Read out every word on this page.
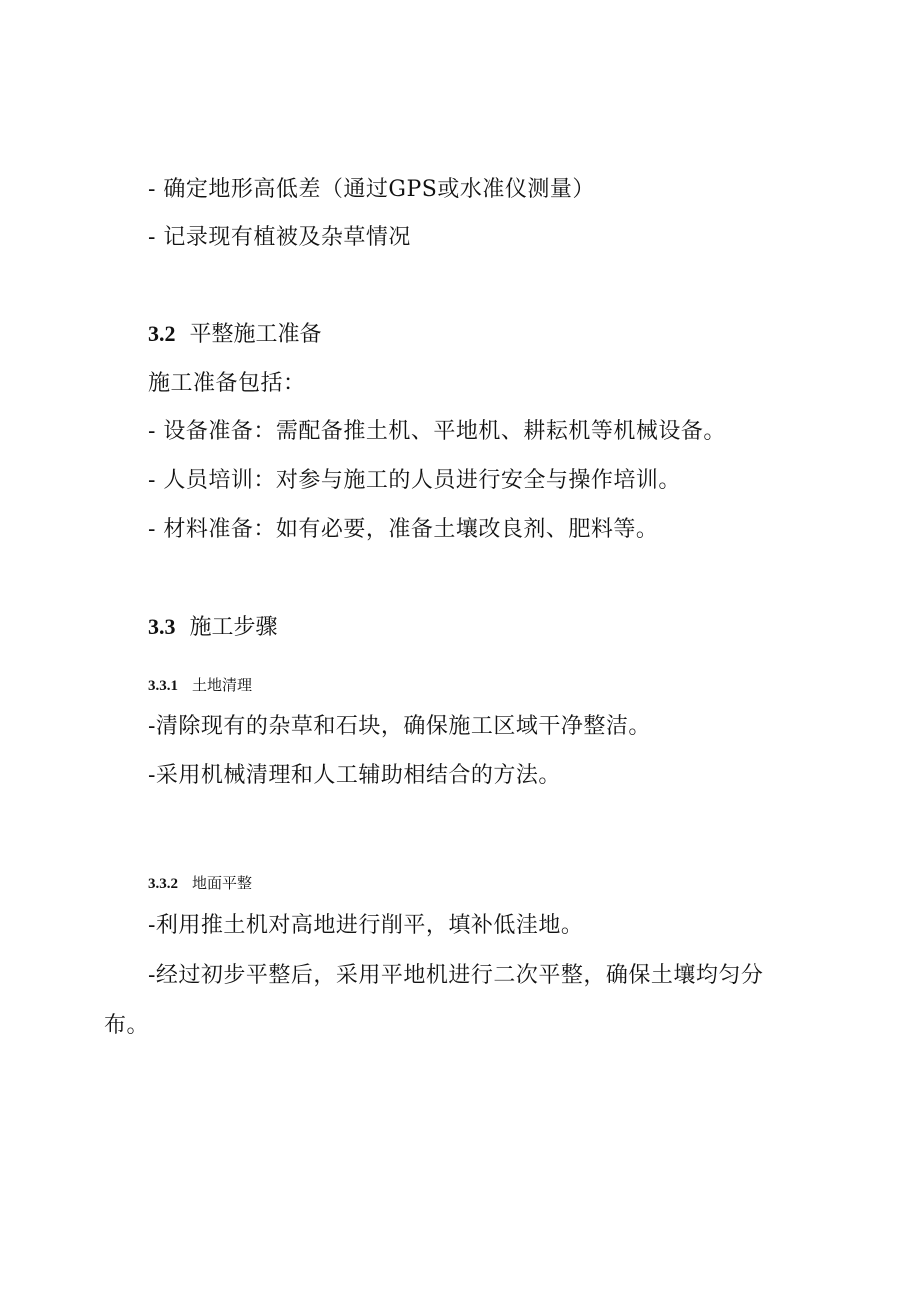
- 确定地形高低差（通过GPS或水准仪测量）
- 记录现有植被及杂草情况
3.2 平整施工准备
施工准备包括：
- 设备准备：需配备推土机、平地机、耕耘机等机械设备。
- 人员培训：对参与施工的人员进行安全与操作培训。
- 材料准备：如有必要，准备土壤改良剂、肥料等。
3.3 施工步骤
3.3.1 土地清理
-清除现有的杂草和石块，确保施工区域干净整洁。
-采用机械清理和人工辅助相结合的方法。
3.3.2 地面平整
-利用推土机对高地进行削平，填补低洼地。
-经过初步平整后，采用平地机进行二次平整，确保土壤均匀分
布。
